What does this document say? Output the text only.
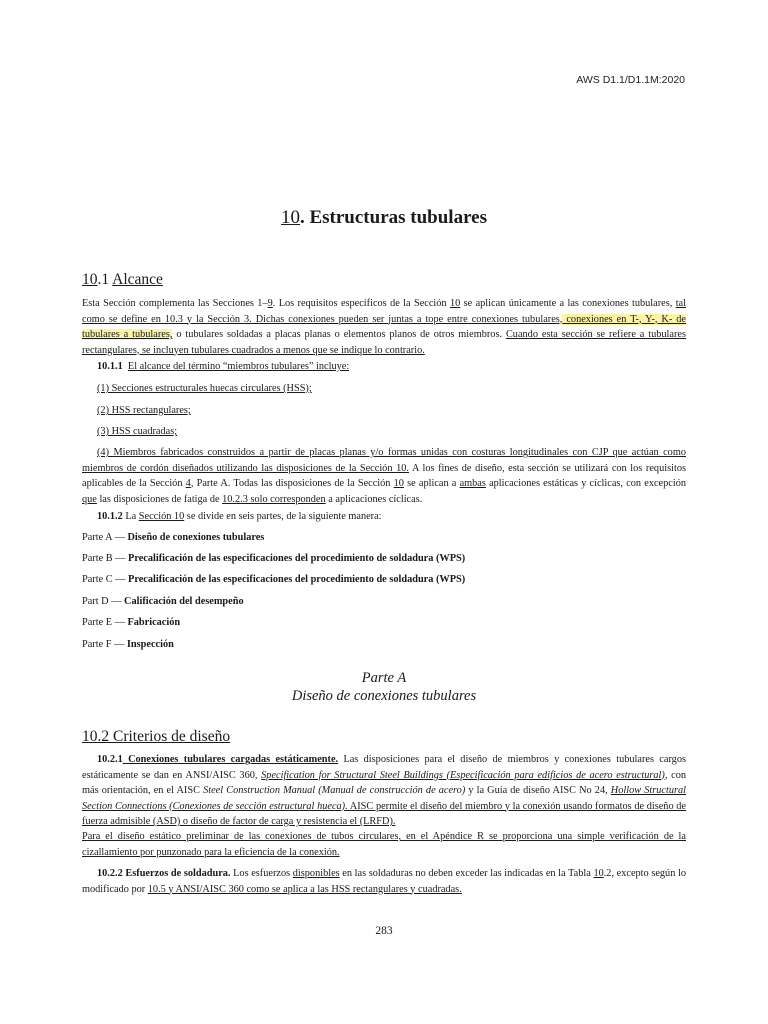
AWS D1.1/D1.1M:2020
10. Estructuras tubulares
10.1 Alcance
Esta Sección complementa las Secciones 1–9. Los requisitos específicos de la Sección 10 se aplican únicamente a las conexiones tubulares, tal como se define en 10.3 y la Sección 3. Dichas conexiones pueden ser juntas a tope entre conexiones tubulares, conexiones en T-, Y-, K- de tubulares a tubulares, o tubulares soldadas a placas planas o elementos planos de otros miembros. Cuando esta sección se refiere a tubulares rectangulares, se incluyen tubulares cuadrados a menos que se indique lo contrario.
10.1.1 El alcance del término “miembros tubulares” incluye:
(1) Secciones estructurales huecas circulares (HSS);
(2) HSS rectangulares;
(3) HSS cuadradas;
(4) Miembros fabricados construidos a partir de placas planas y/o formas unidas con costuras longitudinales con CJP que actúan como miembros de cordón diseñados utilizando las disposiciones de la Sección 10. A los fines de diseño, esta sección se utilizará con los requisitos aplicables de la Sección 4, Parte A. Todas las disposiciones de la Sección 10 se aplican a ambas aplicaciones estáticas y cíclicas, con excepción que las disposiciones de fatiga de 10.2.3 solo corresponden a aplicaciones cíclicas.
10.1.2 La Sección 10 se divide en seis partes, de la siguiente manera:
Parte A — Diseño de conexiones tubulares
Parte B — Precalificación de las especificaciones del procedimiento de soldadura (WPS)
Parte C — Precalificación de las especificaciones del procedimiento de soldadura (WPS)
Part D — Calificación del desempeño
Parte E — Fabricación
Parte F — Inspección
Parte A
Diseño de conexiones tubulares
10.2 Criterios de diseño
10.2.1 Conexiones tubulares cargadas estáticamente. Las disposiciones para el diseño de miembros y conexiones tubulares cargos estáticamente se dan en ANSI/AISC 360, Specification for Structural Steel Buildings (Especificación para edificios de acero estructural), con más orientación, en el AISC Steel Construction Manual (Manual de construcción de acero) y la Guía de diseño AISC No 24, Hollow Structural Section Connections (Conexiones de sección estructural hueca). AISC permite el diseño del miembro y la conexión usando formatos de diseño de fuerza admisible (ASD) o diseño de factor de carga y resistencia el (LRFD).
Para el diseño estático preliminar de las conexiones de tubos circulares, en el Apéndice R se proporciona una simple verificación de la cizallamiento por punzonado para la eficiencia de la conexión.
10.2.2 Esfuerzos de soldadura. Los esfuerzos disponibles en las soldaduras no deben exceder las indicadas en la Tabla 10.2, excepto según lo modificado por 10.5 y ANSI/AISC 360 como se aplica a las HSS rectangulares y cuadradas.
283
